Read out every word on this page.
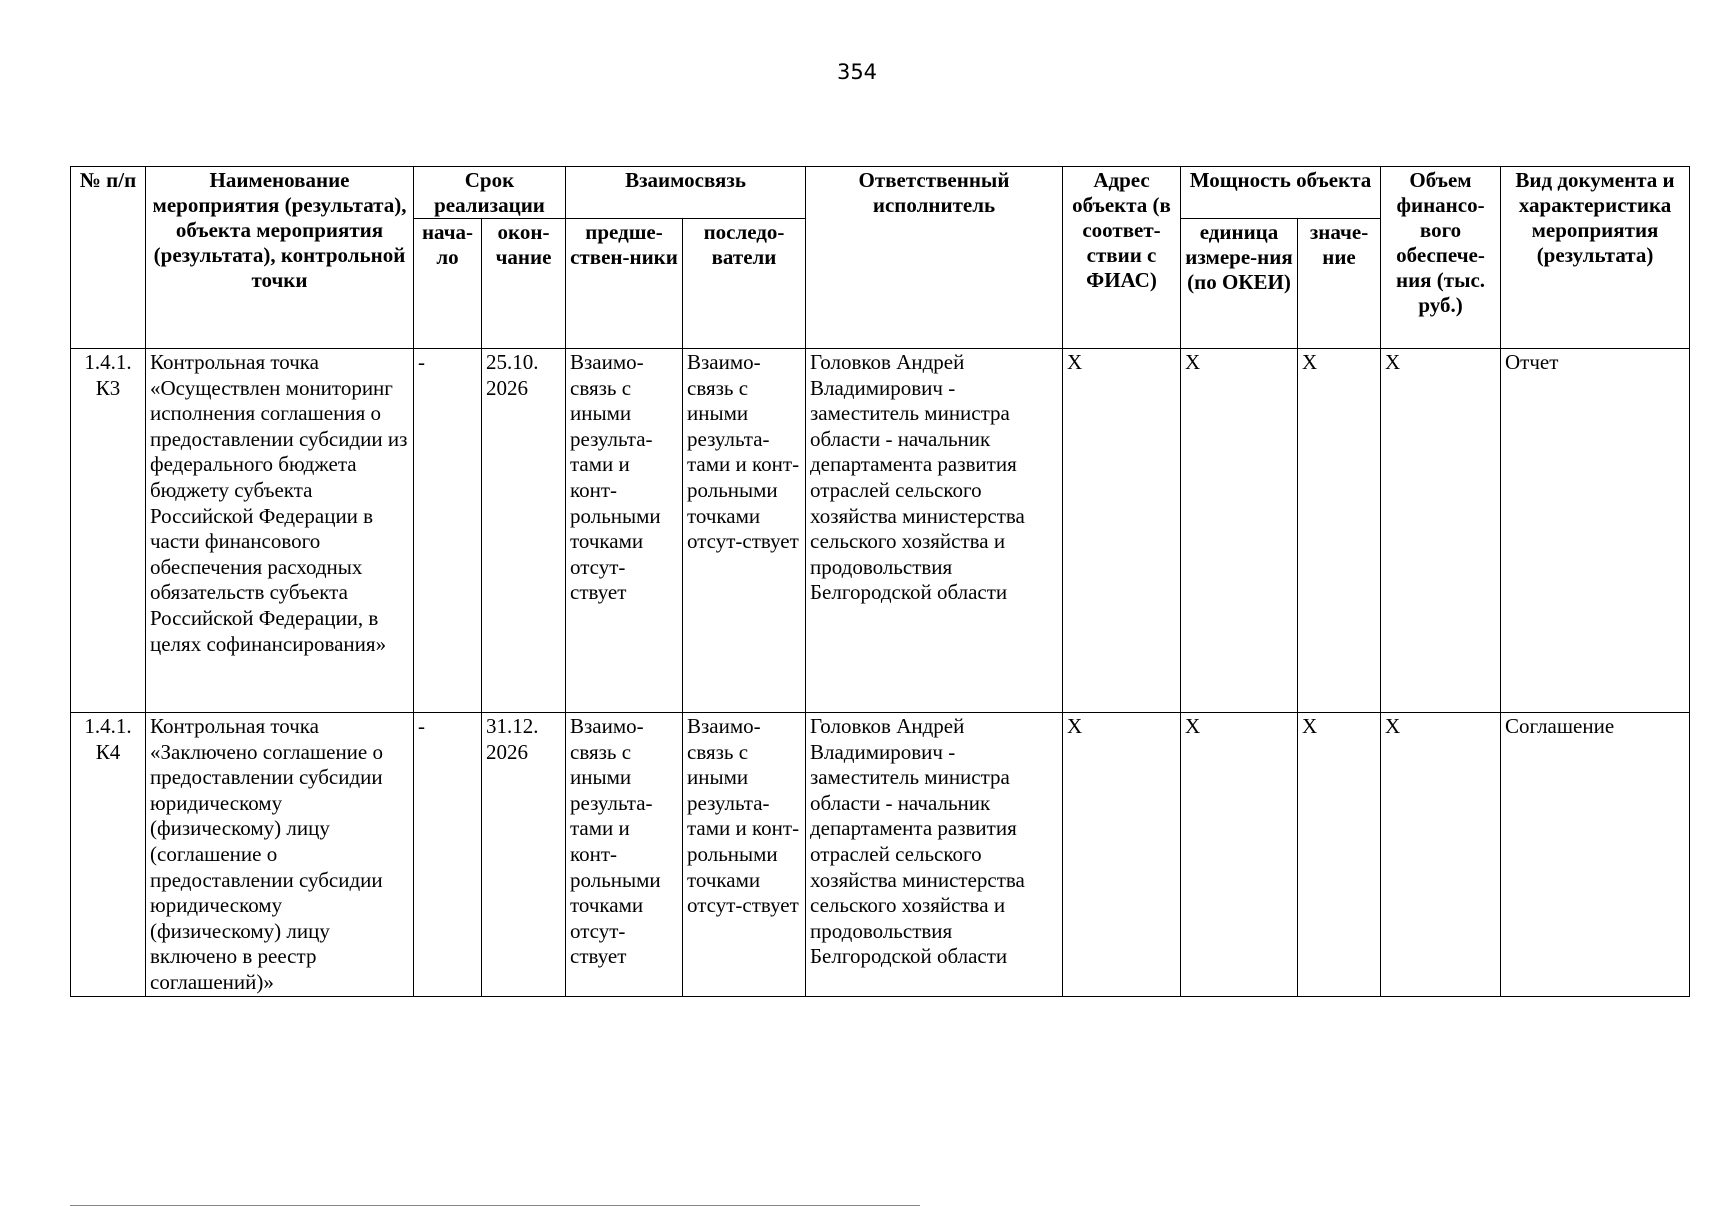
354
№ п/п	Наименование мероприятия (результата), объекта мероприятия (результата), контрольной точки	Срок реализации		Взаимосвязь		Ответственный исполнитель	Адрес объекта (в соответ-ствии с ФИАС)	Мощность объекта		Объем финансо-вого обеспече-ния (тыс. руб.)	Вид документа и характеристика мероприятия (результата)
		нача-ло	окон-чание	предше-ствен-ники	последо-ватели			единица измере-ния (по ОКЕИ)	значе-ние		
1.4.1. К3	Контрольная точка «Осуществлен мониторинг исполнения соглашения о предоставлении субсидии из федерального бюджета бюджету субъекта Российской Федерации в части финансового обеспечения расходных обязательств субъекта Российской Федерации, в целях софинансирования»	-	25.10. 2026	Взаимо-связь с иными результа-тами и конт-рольными точками отсут-ствует	Взаимо-связь с иными результа-тами и конт-рольными точками отсут-ствует	Головков Андрей Владимирович - заместитель министра области - начальник департамента развития отраслей сельского хозяйства министерства сельского хозяйства и продовольствия Белгородской области	X	X	X	X	Отчет
1.4.1. К4	Контрольная точка «Заключено соглашение о предоставлении субсидии юридическому (физическому) лицу (соглашение о предоставлении субсидии юридическому (физическому) лицу включено в реестр соглашений)»	-	31.12. 2026	Взаимо-связь с иными результа-тами и конт-рольными точками отсут-ствует	Взаимо-связь с иными результа-тами и конт-рольными точками отсут-ствует	Головков Андрей Владимирович - заместитель министра области - начальник департамента развития отраслей сельского хозяйства министерства сельского хозяйства и продовольствия Белгородской области	X	X	X	X	Соглашение
